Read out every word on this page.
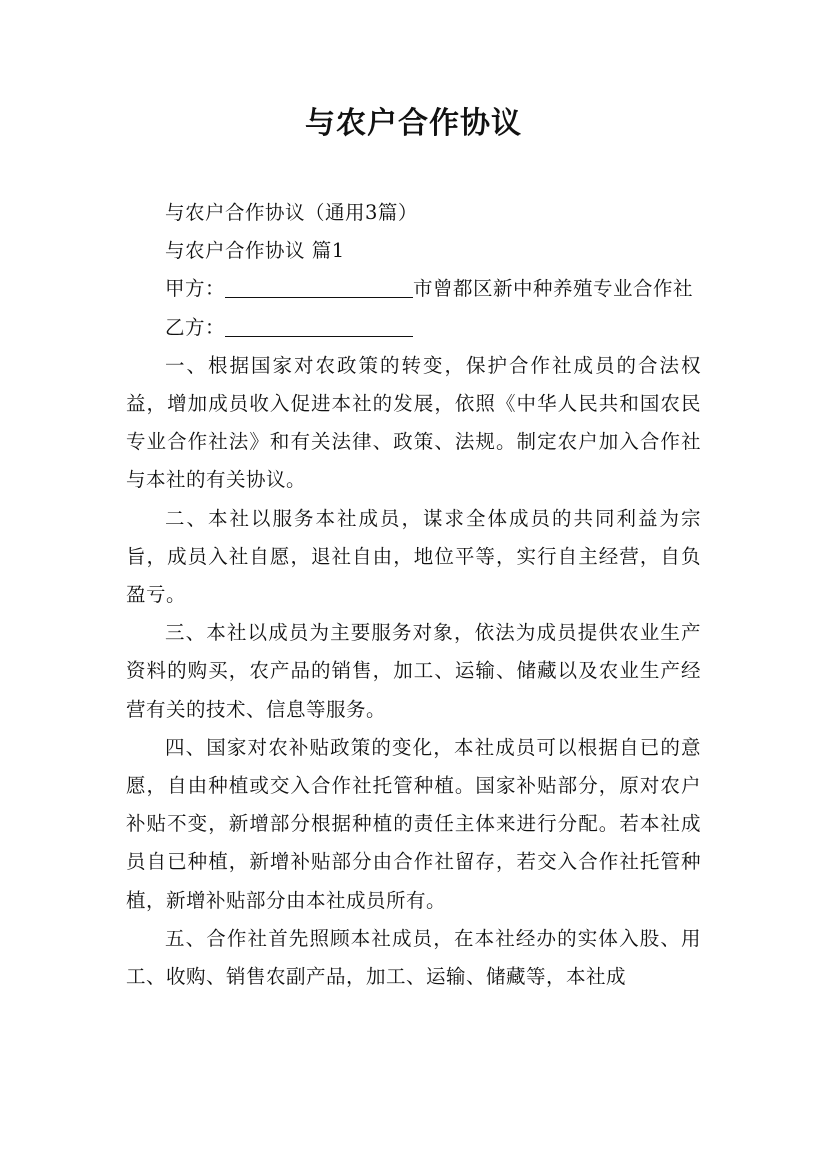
与农户合作协议

与农户合作协议（通用3篇）

与农户合作协议 篇1

甲方：	市曾都区新中种养殖专业合作社

乙方：

一、根据国家对农政策的转变，保护合作社成员的合法权益，增加成员收入促进本社的发展，依照《中华人民共和国农民专业合作社法》和有关法律、政策、法规。制定农户加入合作社与本社的有关协议。

二、本社以服务本社成员，谋求全体成员的共同利益为宗旨，成员入社自愿，退社自由，地位平等，实行自主经营，自负盈亏。

三、本社以成员为主要服务对象，依法为成员提供农业生产资料的购买，农产品的销售，加工、运输、储藏以及农业生产经营有关的技术、信息等服务。

四、国家对农补贴政策的变化，本社成员可以根据自已的意愿，自由种植或交入合作社托管种植。国家补贴部分，原对农户补贴不变，新增部分根据种植的责任主体来进行分配。若本社成员自已种植，新增补贴部分由合作社留存，若交入合作社托管种植，新增补贴部分由本社成员所有。

五、合作社首先照顾本社成员，在本社经办的实体入股、用工、收购、销售农副产品，加工、运输、储藏等，本社成
